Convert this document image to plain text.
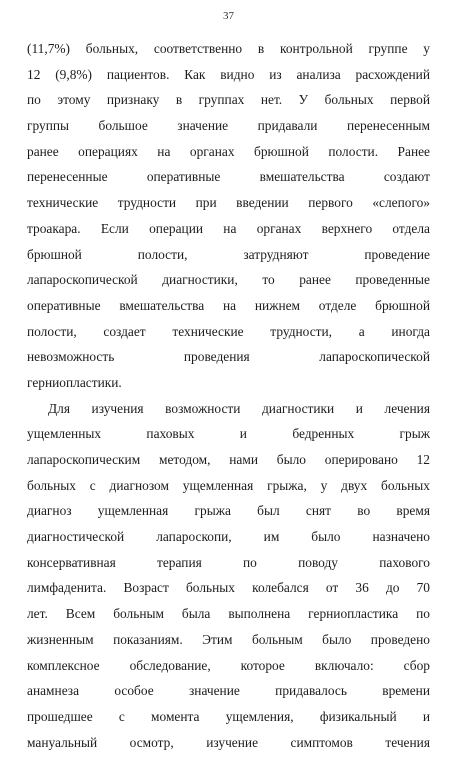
37
(11,7%) больных, соответственно в контрольной группе у
12 (9,8%) пациентов. Как видно из анализа расхождений
по этому признаку в группах нет. У больных первой
группы большое значение придавали перенесенным
ранее операциях на органах брюшной полости. Ранее
перенесенные оперативные вмешательства создают
технические трудности при введении первого «слепого»
троакара. Если операции на органах верхнего отдела
брюшной полости, затрудняют проведение
лапароскопической диагностики, то ранее проведенные
оперативные вмешательства на нижнем отделе брюшной
полости, создает технические трудности, а иногда
невозможность проведения лапароскопической
герниопластики.
Для изучения возможности диагностики и лечения
ущемленных паховых и бедренных грыж
лапароскопическим методом, нами было оперировано 12
больных с диагнозом ущемленная грыжа, у двух больных
диагноз ущемленная грыжа был снят во время
диагностической лапароскопи, им было назначено
консервативная терапия по поводу пахового
лимфаденита. Возраст больных колебался от 36 до 70
лет. Всем больным была выполнена герниопластика по
жизненным показаниям. Этим больным было проведено
комплексное обследование, которое включало: сбор
анамнеза особое значение придавалось времени
прошедшее с момента ущемления, физикальный и
мануальный осмотр, изучение симптомов течения
